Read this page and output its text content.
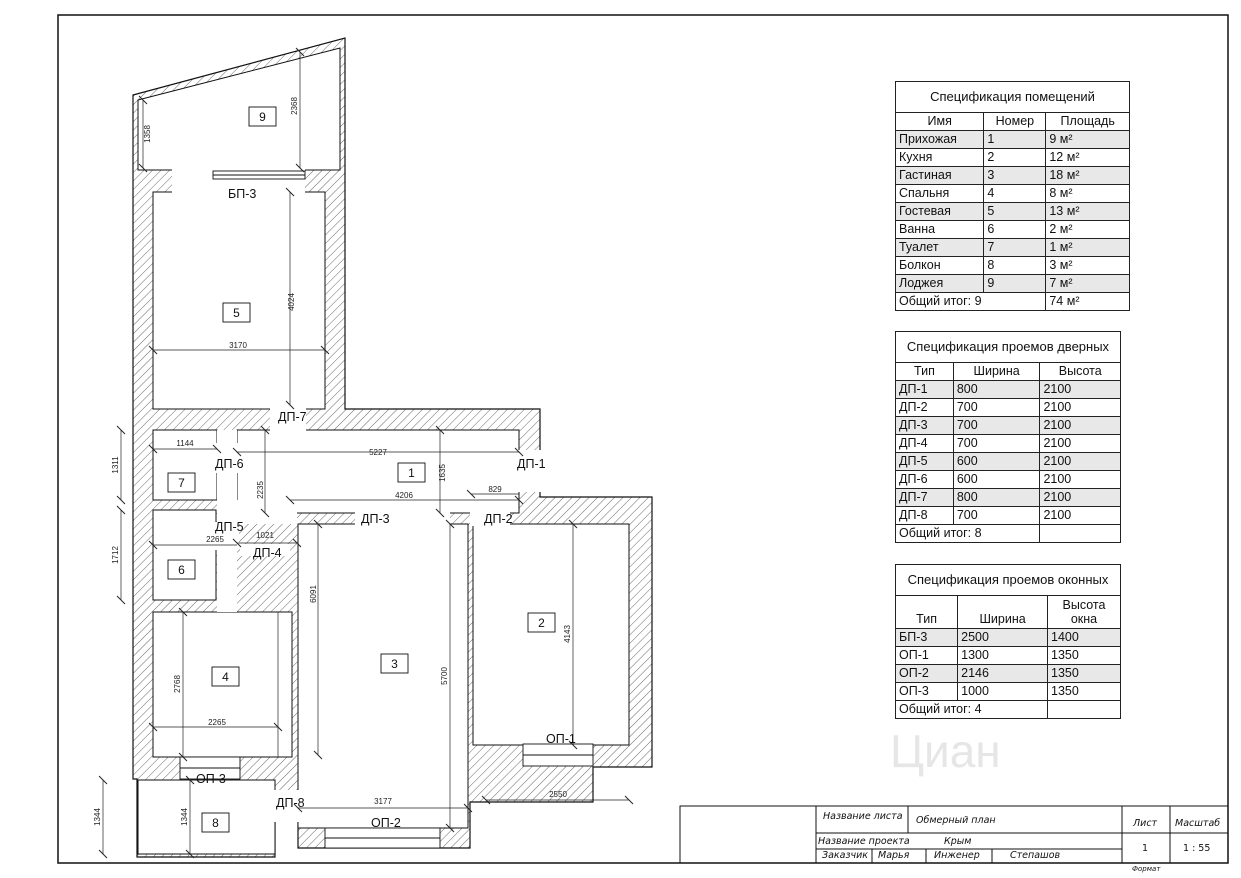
1358
2368
4024
3170
1144
5227
1311	1635
2235	4206
829
1021
2265
1712
6091
4143
2768
2265
5700
3177
2550
1344	1344
БП-3
ДП-7
ДП-6	ДП-1
ДП-5
ДП-3	ДП-2
ДП-4
ОП-1
ОП-3
ДП-8
ОП-2
9
5
1
7
6
4
3
2
8
Циан
Название листа Обмерный план
Название проекта	Крым
Заказчик Марья	Инженер	Степашов
Лист
1
Масштаб
1 : 55
Формат
Спецификация помещений		
Имя	Номер	Площадь
Прихожая	1	9 м²
Кухня	2	12 м²
Гастиная	3	18 м²
Спальня	4	8 м²
Гостевая	5	13 м²
Ванна	6	2 м²
Туалет	7	1 м²
Болкон	8	3 м²
Лоджея	9	7 м²
Общий итог: 9		74 м²
Спецификация проемов дверных		
Тип	Ширина	Высота
ДП-1	800	2100
ДП-2	700	2100
ДП-3	700	2100
ДП-4	700	2100
ДП-5	600	2100
ДП-6	600	2100
ДП-7	800	2100
ДП-8	700	2100
Общий итог: 8		
Спецификация проемов оконных		
Тип	Ширина	Высота окна
БП-3	2500	1400
ОП-1	1300	1350
ОП-2	2146	1350
ОП-3	1000	1350
Общий итог: 4		
